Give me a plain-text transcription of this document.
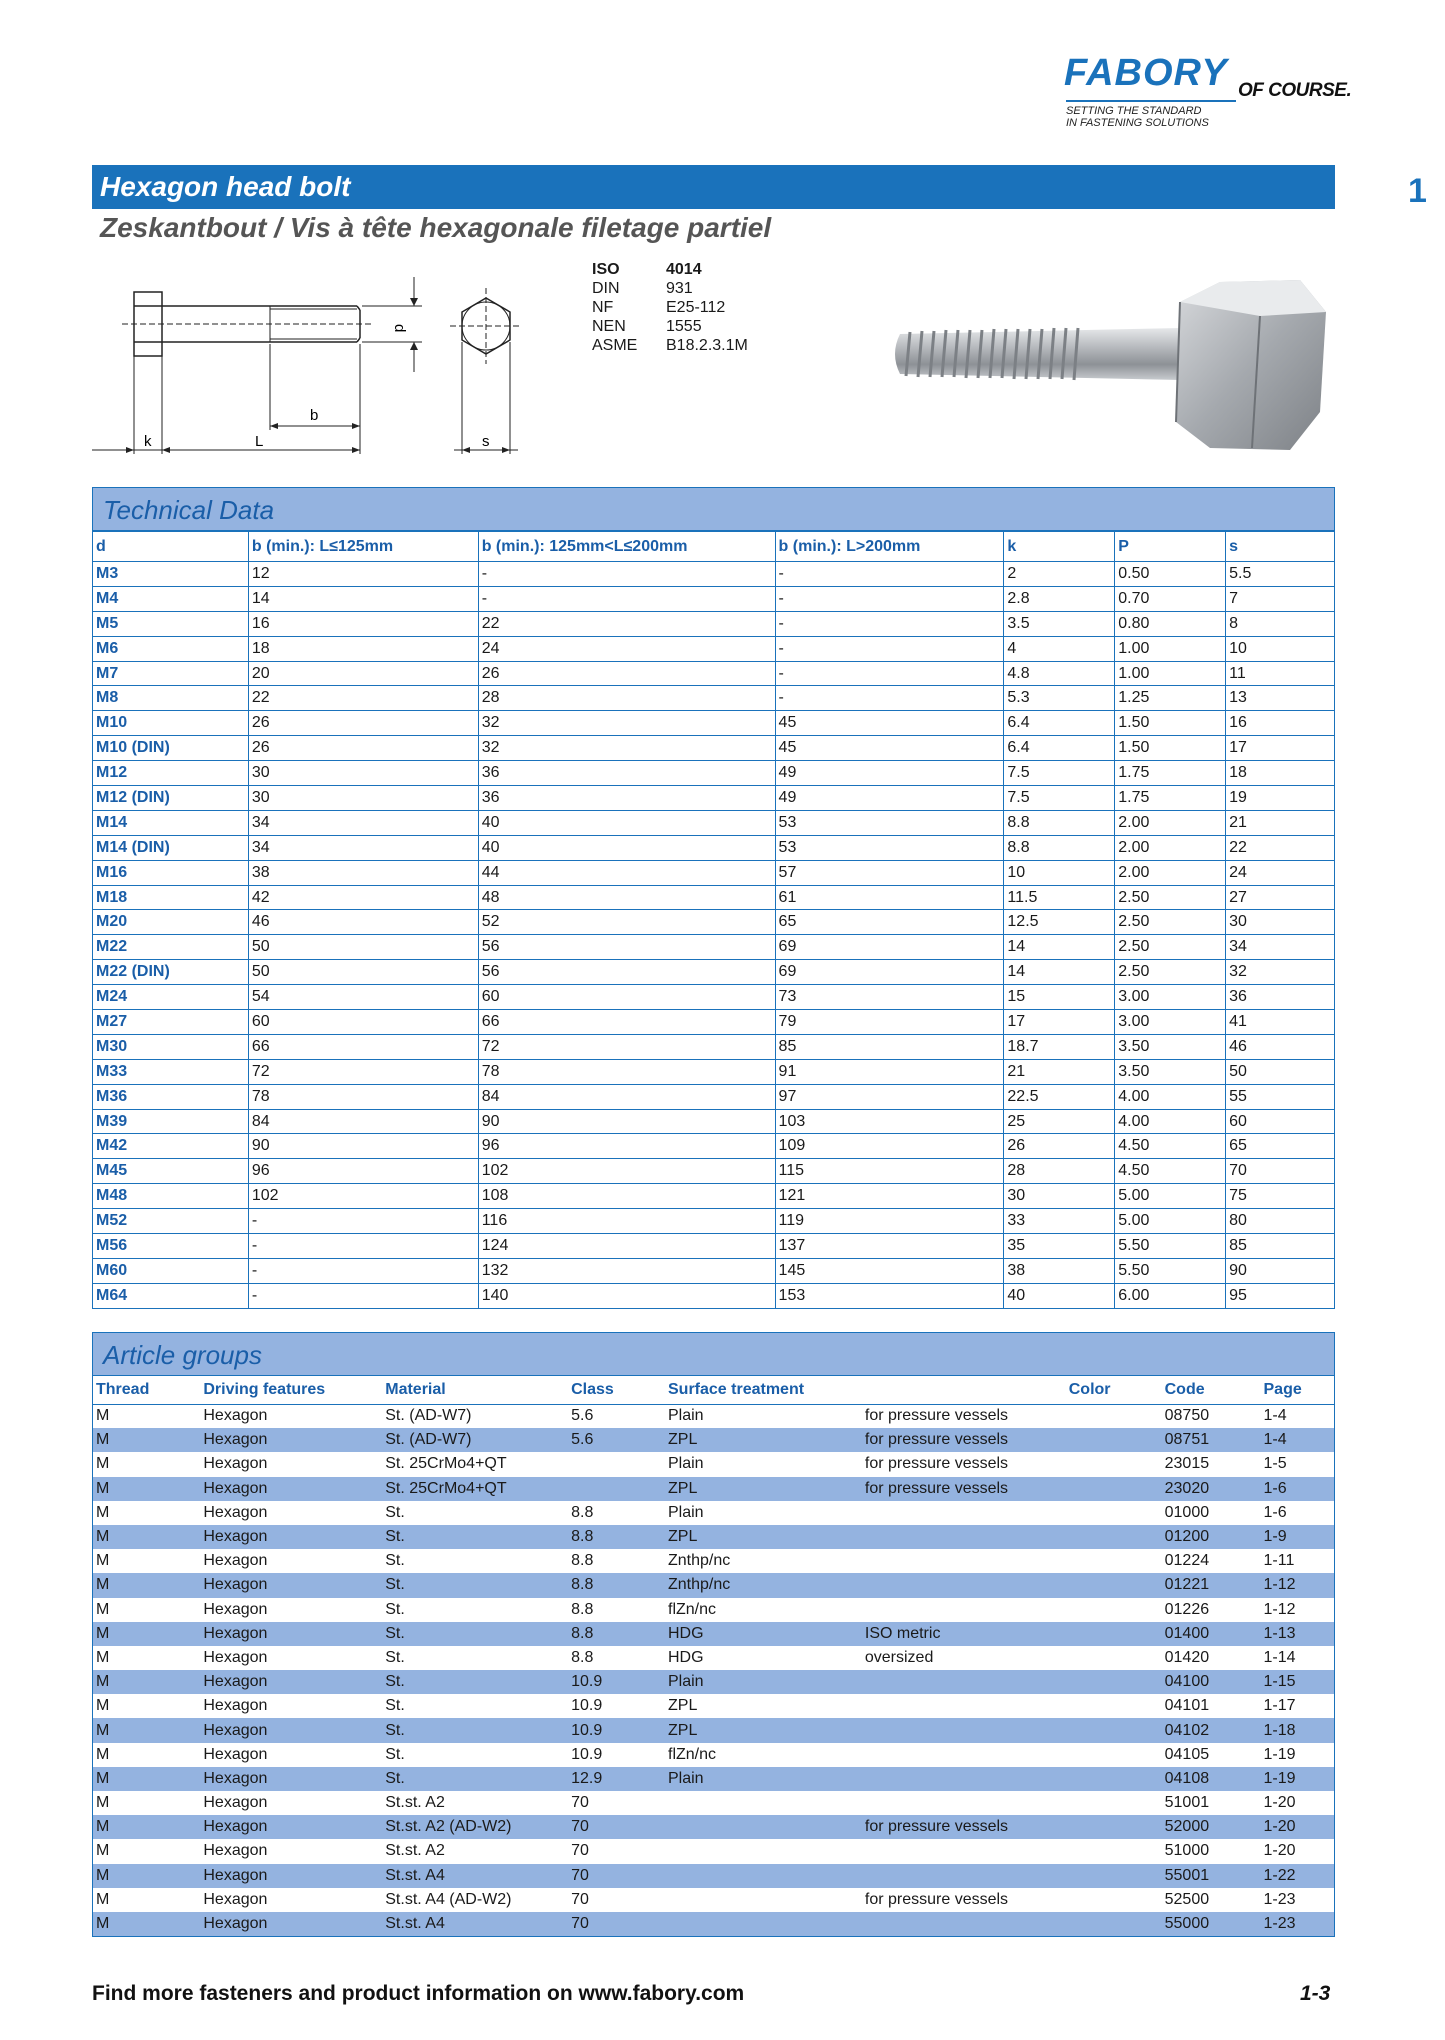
FABORY OF COURSE.
SETTING THE STANDARD
IN FASTENING SOLUTIONS
1
Hexagon head bolt
Zeskantbout / Vis à tête hexagonale filetage partiel
d
b
k	L	s
ISO	4014
DIN	931
NF	E25-112
NEN	1555
ASME	B18.2.3.1M
Technical Data
d	b (min.): L≤125mm	b (min.): 125mm<L≤200mm	b (min.): L>200mm	k	P	s
M3	12	-	-	2	0.50	5.5
M4	14	-	-	2.8	0.70	7
M5	16	22	-	3.5	0.80	8
M6	18	24	-	4	1.00	10
M7	20	26	-	4.8	1.00	11
M8	22	28	-	5.3	1.25	13
M10	26	32	45	6.4	1.50	16
M10 (DIN)	26	32	45	6.4	1.50	17
M12	30	36	49	7.5	1.75	18
M12 (DIN)	30	36	49	7.5	1.75	19
M14	34	40	53	8.8	2.00	21
M14 (DIN)	34	40	53	8.8	2.00	22
M16	38	44	57	10	2.00	24
M18	42	48	61	11.5	2.50	27
M20	46	52	65	12.5	2.50	30
M22	50	56	69	14	2.50	34
M22 (DIN)	50	56	69	14	2.50	32
M24	54	60	73	15	3.00	36
M27	60	66	79	17	3.00	41
M30	66	72	85	18.7	3.50	46
M33	72	78	91	21	3.50	50
M36	78	84	97	22.5	4.00	55
M39	84	90	103	25	4.00	60
M42	90	96	109	26	4.50	65
M45	96	102	115	28	4.50	70
M48	102	108	121	30	5.00	75
M52	-	116	119	33	5.00	80
M56	-	124	137	35	5.50	85
M60	-	132	145	38	5.50	90
M64	-	140	153	40	6.00	95
Article groups
Thread	Driving features	Material	Class	Surface treatment		Color	Code	Page
M	Hexagon	St. (AD-W7)	5.6	Plain	for pressure vessels		08750	1-4
M	Hexagon	St. (AD-W7)	5.6	ZPL	for pressure vessels		08751	1-4
M	Hexagon	St. 25CrMo4+QT		Plain	for pressure vessels		23015	1-5
M	Hexagon	St. 25CrMo4+QT		ZPL	for pressure vessels		23020	1-6
M	Hexagon	St.	8.8	Plain			01000	1-6
M	Hexagon	St.	8.8	ZPL			01200	1-9
M	Hexagon	St.	8.8	Znthp/nc			01224	1-11
M	Hexagon	St.	8.8	Znthp/nc			01221	1-12
M	Hexagon	St.	8.8	flZn/nc			01226	1-12
M	Hexagon	St.	8.8	HDG	ISO metric		01400	1-13
M	Hexagon	St.	8.8	HDG	oversized		01420	1-14
M	Hexagon	St.	10.9	Plain			04100	1-15
M	Hexagon	St.	10.9	ZPL			04101	1-17
M	Hexagon	St.	10.9	ZPL			04102	1-18
M	Hexagon	St.	10.9	flZn/nc			04105	1-19
M	Hexagon	St.	12.9	Plain			04108	1-19
M	Hexagon	St.st. A2	70				51001	1-20
M	Hexagon	St.st. A2 (AD-W2)	70		for pressure vessels		52000	1-20
M	Hexagon	St.st. A2	70				51000	1-20
M	Hexagon	St.st. A4	70				55001	1-22
M	Hexagon	St.st. A4 (AD-W2)	70		for pressure vessels		52500	1-23
M	Hexagon	St.st. A4	70				55000	1-23
Find more fasteners and product information on www.fabory.com	1-3
